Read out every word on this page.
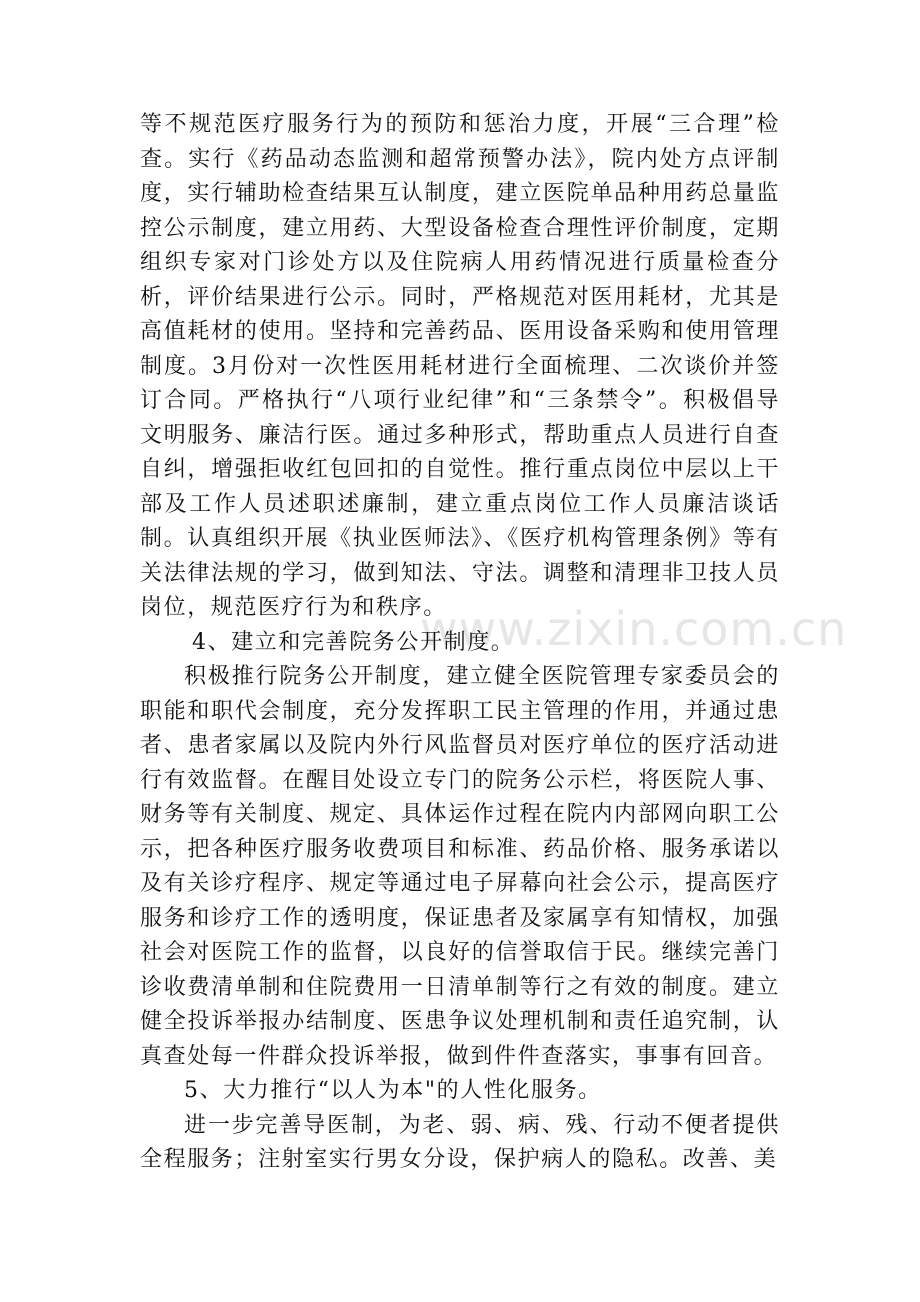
www.zixin.com.cn

等不规范医疗服务行为的预防和惩治力度，开展“三合理”检查。实行《药品动态监测和超常预警办法》，院内处方点评制度，实行辅助检查结果互认制度，建立医院单品种用药总量监控公示制度，建立用药、大型设备检查合理性评价制度，定期组织专家对门诊处方以及住院病人用药情况进行质量检查分析，评价结果进行公示。同时，严格规范对医用耗材，尤其是高值耗材的使用。坚持和完善药品、医用设备采购和使用管理制度。3月份对一次性医用耗材进行全面梳理、二次谈价并签订合同。严格执行“八项行业纪律”和“三条禁令”。积极倡导文明服务、廉洁行医。通过多种形式，帮助重点人员进行自查自纠，增强拒收红包回扣的自觉性。推行重点岗位中层以上干部及工作人员述职述廉制，建立重点岗位工作人员廉洁谈话制。认真组织开展《执业医师法》、《医疗机构管理条例》等有关法律法规的学习，做到知法、守法。调整和清理非卫技人员岗位，规范医疗行为和秩序。

4、建立和完善院务公开制度。

积极推行院务公开制度，建立健全医院管理专家委员会的职能和职代会制度，充分发挥职工民主管理的作用，并通过患者、患者家属以及院内外行风监督员对医疗单位的医疗活动进行有效监督。在醒目处设立专门的院务公示栏，将医院人事、财务等有关制度、规定、具体运作过程在院内内部网向职工公示，把各种医疗服务收费项目和标准、药品价格、服务承诺以及有关诊疗程序、规定等通过电子屏幕向社会公示，提高医疗服务和诊疗工作的透明度，保证患者及家属享有知情权，加强社会对医院工作的监督，以良好的信誉取信于民。继续完善门诊收费清单制和住院费用一日清单制等行之有效的制度。建立健全投诉举报办结制度、医患争议处理机制和责任追究制，认真查处每一件群众投诉举报，做到件件查落实，事事有回音。

5、大力推行“以人为本"的人性化服务。

进一步完善导医制，为老、弱、病、残、行动不便者提供全程服务；注射室实行男女分设，保护病人的隐私。改善、美
